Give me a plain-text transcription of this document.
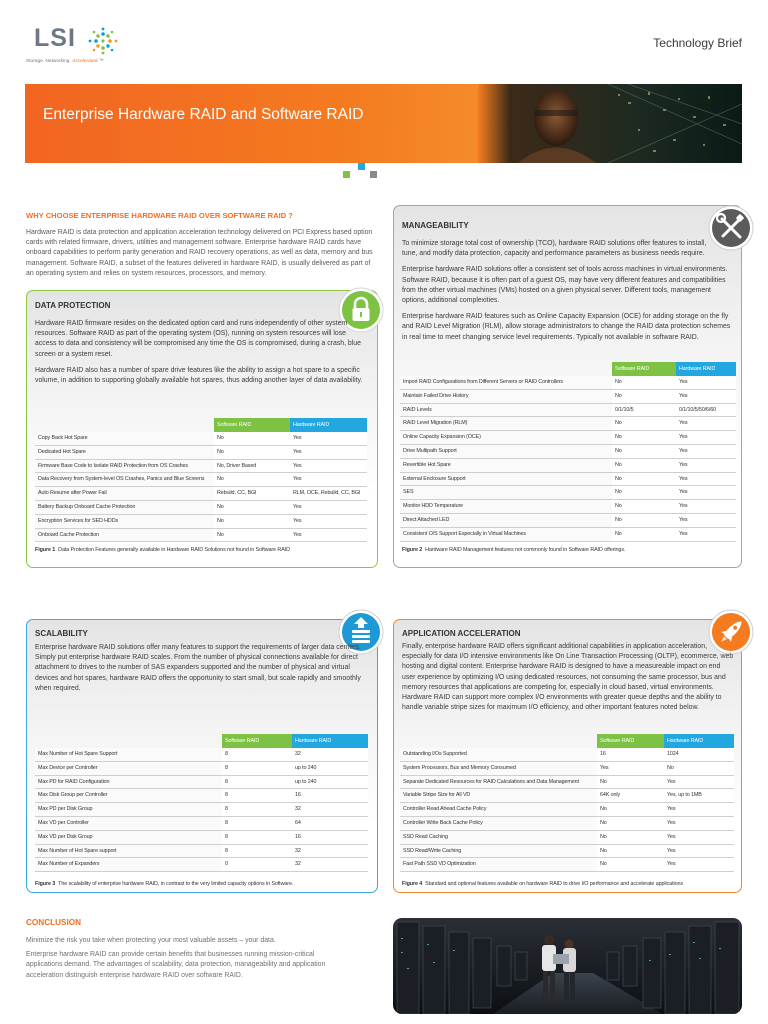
LSI
Storage. Networking. Accelerated.™
Technology Brief
Enterprise Hardware RAID and Software RAID
WHY CHOOSE ENTERPRISE HARDWARE RAID OVER SOFTWARE RAID ?

Hardware RAID is data protection and application acceleration technology delivered on PCI Express based option cards with related firmware, drivers, utilities and management software. Enterprise hardware RAID cards have onboard capabilities to perform parity generation and RAID recovery operations, as well as data, memory and bus management. Software RAID, a subset of the features delivered in hardware RAID, is usually delivered as part of an operating system and relies on system resources, processors, and memory.

DATA PROTECTION

Hardware RAID firmware resides on the dedicated option card and runs independently of other system resources. Software RAID as part of the operating system (OS), running on system resources will lose access to data and consistency will be compromised any time the OS is compromised, during a crash, blue screen or a system reset.

Hardware RAID also has a number of spare drive features like the ability to assign a hot spare to a specific volume, in addition to supporting globally available hot spares, thus adding another layer of data availability.

Software RAID	Hardware RAID
Copy Back Hot Spare	No	Yes
Dedicated Hot Spare	No	Yes
Firmware Base Code to Isolate RAID Protection from OS Crashes	No, Driver Based	Yes
Data Recovery from System-level OS Crashes, Panics and Blue Screens	No	Yes
Auto Resume after Power Fail	Rebuild, CC, BGI	RLM, OCE, Rebuild, CC, BGI
Battery Backup Onboard Cache Protection	No	Yes
Encryption Services for SED HDDs	No	Yes
Onboard Cache Protection	No	Yes
Figure 1 Data Protection Features generally available in Hardware RAID Solutions not found in Software RAID
MANAGEABILITY

To minimize storage total cost of ownership (TCO), hardware RAID solutions offer features to install, tune, and modify data protection, capacity and performance parameters as business needs require.

Enterprise hardware RAID solutions offer a consistent set of tools across machines in virtual environments. Software RAID, because it is often part of a guest OS, may have very different features and compatibilities from the other virtual machines (VMs) hosted on a given physical server. Different tools, management options, additional complexities.

Enterprise hardware RAID features such as Online Capacity Expansion (OCE) for adding storage on the fly and RAID Level Migration (RLM), allow storage administrators to change the RAID data protection schemes in real time to meet changing service level requirements. Typically not available in software RAID.

Software RAID	Hardware RAID
Import RAID Configurations from Different Servers or RAID Controllers	No	Yes
Maintain Failed Drive History	No	Yes
RAID Levels	0/1/10/5	0/1/10/5/50/6/60
RAID Level Migration (RLM)	No	Yes
Online Capacity Expansion (OCE)	No	Yes
Drive Multipath Support	No	Yes
Revertible Hot Spare	No	Yes
External Enclosure Support	No	Yes
SES	No	Yes
Monitor HDD Temperature	No	Yes
Direct Attached LED	No	Yes
Consistent O/S Support Especially in Virtual Machines	No	Yes
Figure 2 Hardware RAID Management features not commonly found in Software RAID offerings.
SCALABILITY

Enterprise hardware RAID solutions offer many features to support the requirements of larger data centers. Simply put enterprise hardware RAID scales. From the number of physical connections available for direct attachment to drives to the number of SAS expanders supported and the number of physical and virtual devices and hot spares, hardware RAID offers the opportunity to start small, but scale rapidly and smoothly when required.

Software RAID	Hardware RAID
Max Number of Hot Spare Support	8	32
Max Device per Controller	8	up to 240
Max PD for RAID Configuration	8	up to 240
Max Disk Group per Controller	8	16
Max PD per Disk Group	8	32
Max VD per Controller	8	64
Max VD per Disk Group	8	16
Max Number of Hot Spare support	8	32
Max Number of Expanders	0	32
Figure 3 The scalability of enterprise hardware RAID, in contrast to the very limited capacity options in Software.
APPLICATION ACCELERATION

Finally, enterprise hardware RAID offers significant additional capabilities in application acceleration, especially for data I/O intensive environments like On Line Transaction Processing (OLTP), ecommerce, web hosting and digital content. Enterprise hardware RAID is designed to have a measureable impact on end user experience by optimizing I/O using dedicated resources, not consuming the same processor, bus and memory resources that applications are competing for, especially in cloud based, virtual environments. Hardware RAID can support more complex I/O environments with greater queue depths and the ability to handle variable stripe sizes for maximum I/O efficiency, and other important features noted below.

Software RAID	Hardware RAID
Outstanding I/Os Supported	16	1024
System Processors, Bus and Memory Consumed	Yes	No
Separate Dedicated Resources for RAID Calculations and Data Management	No	Yes
Variable Stripe Size for All VD	64K only	Yes, up to 1MB
Controller Read Ahead Cache Policy	No	Yes
Controller Write Back Cache Policy	No	Yes
SSD Read Caching	No	Yes
SSD Read/Write Caching	No	Yes
Fast Path SSD VD Optimization	No	Yes
Figure 4 Standard and optional features available on hardware RAID to drive I/O performance and accelerate applications
CONCLUSION

Minimize the risk you take when protecting your most valuable assets – your data.

Enterprise hardware RAID can provide certain benefits that businesses running mission-critical applications demand. The advantages of scalability, data protection, manageability and application acceleration distinguish enterprise hardware RAID over software RAID.
